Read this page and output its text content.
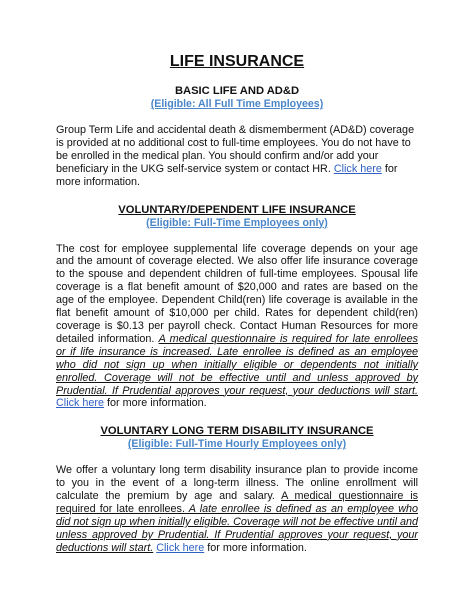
LIFE INSURANCE
BASIC LIFE AND AD&D
(Eligible: All Full Time Employees)

Group Term Life and accidental death & dismemberment (AD&D) coverage is provided at no additional cost to full-time employees. You do not have to be enrolled in the medical plan. You should confirm and/or add your beneficiary in the UKG self-service system or contact HR. Click here for more information.

VOLUNTARY/DEPENDENT LIFE INSURANCE
(Eligible: Full-Time Employees only)

The cost for employee supplemental life coverage depends on your age and the amount of coverage elected. We also offer life insurance coverage to the spouse and dependent children of full-time employees. Spousal life coverage is a flat benefit amount of $20,000 and rates are based on the age of the employee. Dependent Child(ren) life coverage is available in the flat benefit amount of $10,000 per child. Rates for dependent child(ren) coverage is $0.13 per payroll check. Contact Human Resources for more detailed information. A medical questionnaire is required for late enrollees or if life insurance is increased. Late enrollee is defined as an employee who did not sign up when initially eligible or dependents not initially enrolled. Coverage will not be effective until and unless approved by Prudential. If Prudential approves your request, your deductions will start. Click here for more information.

VOLUNTARY LONG TERM DISABILITY INSURANCE
(Eligible: Full-Time Hourly Employees only)

We offer a voluntary long term disability insurance plan to provide income to you in the event of a long-term illness. The online enrollment will calculate the premium by age and salary. A medical questionnaire is required for late enrollees. A late enrollee is defined as an employee who did not sign up when initially eligible. Coverage will not be effective until and unless approved by Prudential. If Prudential approves your request, your deductions will start. Click here for more information.
